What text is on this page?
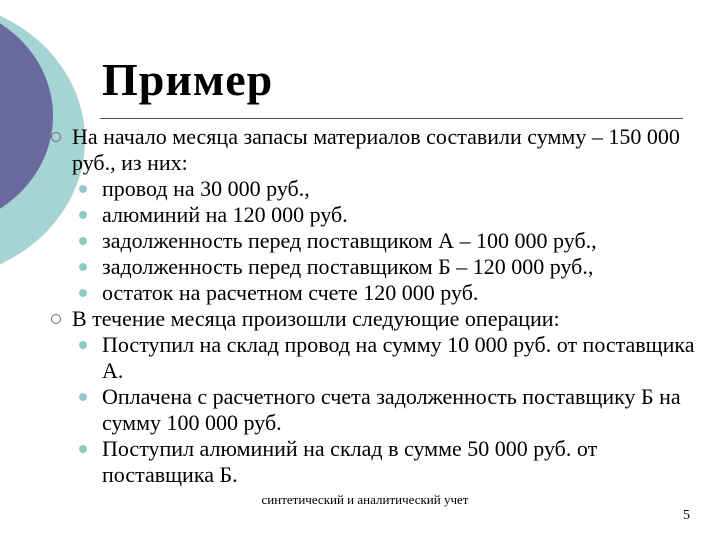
Пример
На начало месяца запасы материалов составили сумму – 150 000 руб., из них:
провод на 30 000 руб.,
алюминий на 120 000 руб.
задолженность перед поставщиком А – 100 000 руб.,
задолженность перед поставщиком Б – 120 000 руб.,
остаток на расчетном счете 120 000 руб.
В течение месяца произошли следующие операции:
Поступил на склад провод на сумму 10 000 руб. от поставщика А.
Оплачена с расчетного счета задолженность поставщику Б на сумму 100 000 руб.
Поступил алюминий на склад в сумме 50 000 руб. от поставщика Б.
синтетический и аналитический учет
5
